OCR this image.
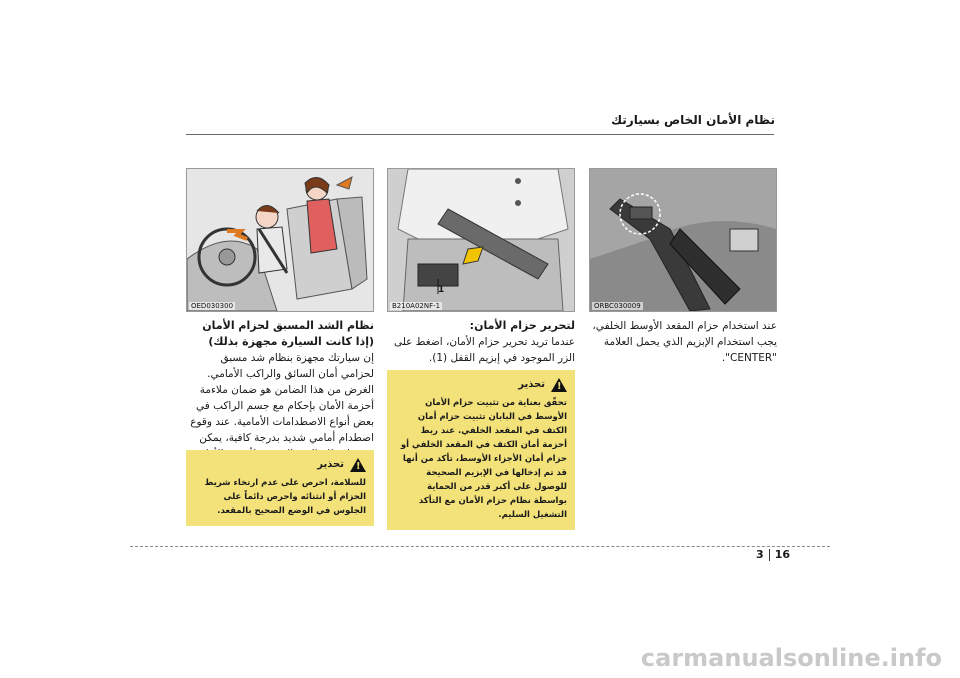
نظام الأمان الخاص بسيارتك
OED030300
1
B210A02NF-1	ORBC030009

نظام الشد المسبق لحزام الأمان

(إذا كانت السيارة مجهزة بذلك)

إن سيارتك مجهزة بنظام شد مسبق لحزامي أمان السائق والراكب الأمامي. الغرض من هذا الضامن هو ضمان ملاءمة أحزمة الأمان بإحكام مع جسم الراكب في بعض أنواع الاصطدامات الأمامية. عند وقوع اصطدام أمامي شديد بدرجة كافية، يمكن

!
تحذير
للسلامة، احرص على عدم ارتخاء شريط الحزام أو انثنائه واحرص دائماً على الجلوس في الوضع الصحيح بالمقعد.

لتحرير حزام الأمان:

عندما تريد تحرير حزام الأمان، اضغط على الزر الموجود في إبزيم القفل (1).

!
تحذير
تحقّق بعناية من تثبيت حزام الأمان الأوسط في البابان تثبيت حزام أمان الكتف في المقعد الخلفي. عند ربط أحزمة أمان الكتف في المقعد الخلفي أو حزام أمان الأجزاء الأوسط، تأكد من أنها قد تم إدخالها في الإبزيم الصحيحة للوصول على أكبر قدر من الحماية بواسطة نظام حزام الأمان مع التأكد التشغيل السليم.

عند استخدام حزام المقعد الأوسط الخلفي، يجب استخدام الإبزيم الذي يحمل العلامة "CENTER".

3 16
carmanualsonline.info
